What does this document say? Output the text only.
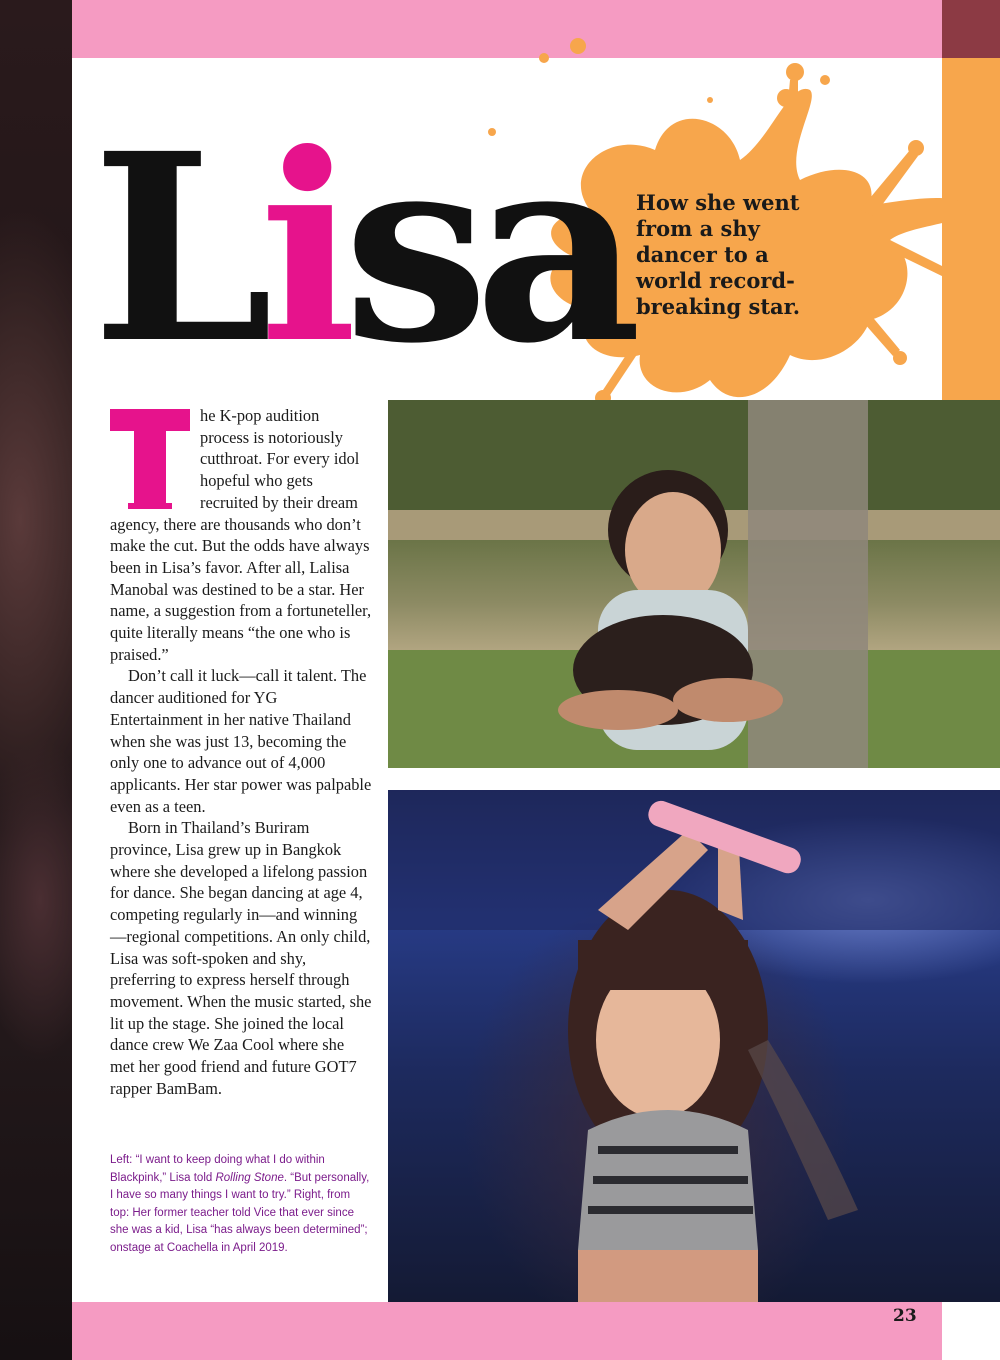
Lisa How she went from a shy dancer to a world record-breaking star.

he K-pop audition process is notoriously cutthroat. For every idol hopeful who gets recruited by their dream agency, there are thousands who don’t make the cut. But the odds have always been in Lisa’s favor. After all, Lalisa Manobal was destined to be a star. Her name, a suggestion from a fortuneteller, quite literally means “the one who is praised.”

Don’t call it luck—call it talent. The dancer auditioned for YG Entertainment in her native Thailand when she was just 13, becoming the only one to advance out of 4,000 applicants. Her star power was palpable even as a teen.

Born in Thailand’s Buriram province, Lisa grew up in Bangkok where she developed a lifelong passion for dance. She began dancing at age 4, competing regularly in—and winning—regional competitions. An only child, Lisa was soft-spoken and shy, preferring to express herself through movement. When the music started, she lit up the stage. She joined the local dance crew We Zaa Cool where she met her good friend and future GOT7 rapper BamBam.

Left: “I want to keep doing what I do within Blackpink,” Lisa told Rolling Stone. “But personally, I have so many things I want to try.” Right, from top: Her former teacher told Vice that ever since she was a kid, Lisa “has always been determined”; onstage at Coachella in April 2019.

23
